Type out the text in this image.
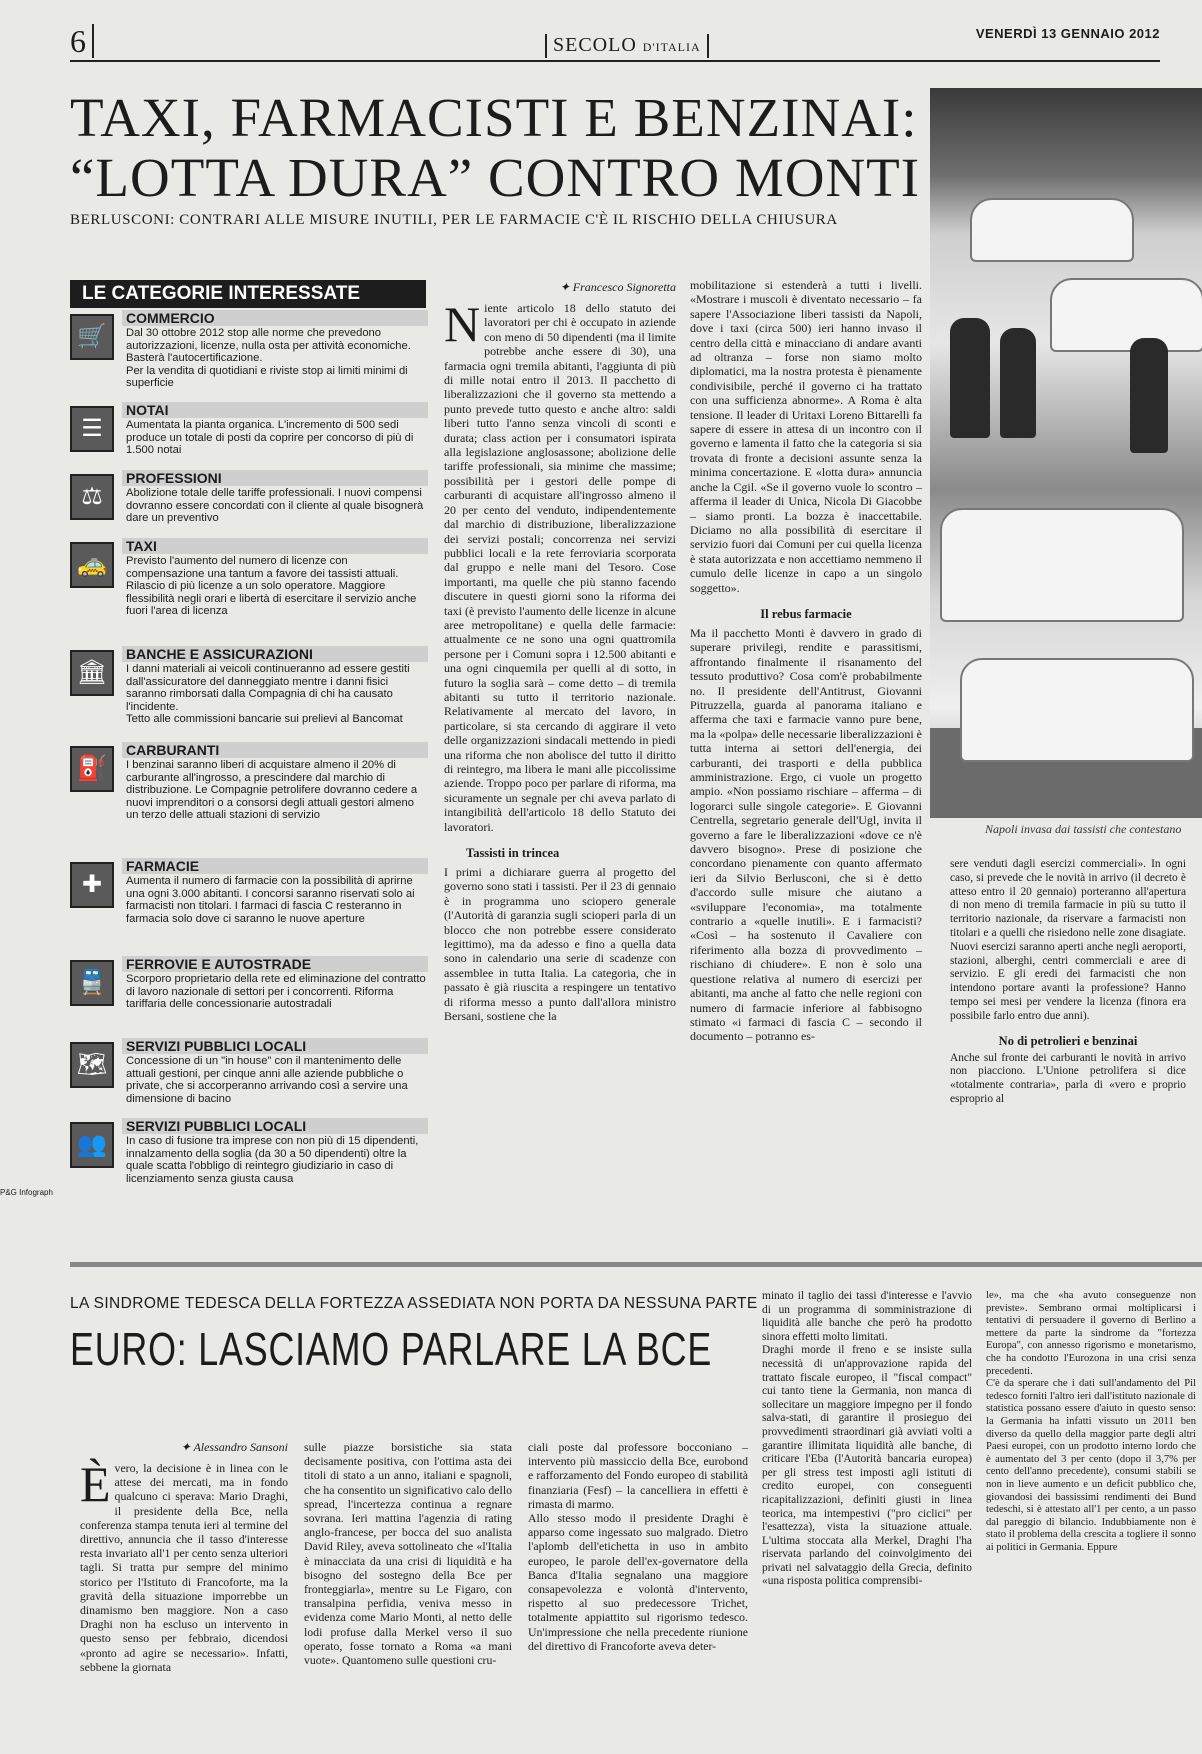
6	SECOLO D'ITALIA
VENERDÌ 13 GENNAIO 2012
TAXI, FARMACISTI E BENZINAI:
“LOTTA DURA” CONTRO MONTI
BERLUSCONI: CONTRARI ALLE MISURE INUTILI, PER LE FARMACIE C'È IL RISCHIO DELLA CHIUSURA
Napoli invasa dai tassisti che contestano
LE CATEGORIE INTERESSATE
🛒
COMMERCIO
Dal 30 ottobre 2012 stop alle norme che prevedono autorizzazioni, licenze, nulla osta per attività economiche. Basterà l'autocertificazione.
Per la vendita di quotidiani e riviste stop ai limiti minimi di superficie
☰
NOTAI
Aumentata la pianta organica. L'incremento di 500 sedi produce un totale di posti da coprire per concorso di più di 1.500 notai
⚖
PROFESSIONI
Abolizione totale delle tariffe professionali. I nuovi compensi dovranno essere concordati con il cliente al quale bisognerà dare un preventivo
🚕
TAXI
Previsto l'aumento del numero di licenze con compensazione una tantum a favore dei tassisti attuali. Rilascio di più licenze a un solo operatore. Maggiore flessibilità negli orari e libertà di esercitare il servizio anche fuori l'area di licenza
🏛
BANCHE E ASSICURAZIONI
I danni materiali ai veicoli continueranno ad essere gestiti dall'assicuratore del danneggiato mentre i danni fisici saranno rimborsati dalla Compagnia di chi ha causato l'incidente.
Tetto alle commissioni bancarie sui prelievi al Bancomat
⛽
CARBURANTI
I benzinai saranno liberi di acquistare almeno il 20% di carburante all'ingrosso, a prescindere dal marchio di distribuzione. Le Compagnie petrolifere dovranno cedere a nuovi imprenditori o a consorsi degli attuali gestori almeno un terzo delle attuali stazioni di servizio
✚
FARMACIE
Aumenta il numero di farmacie con la possibilità di aprirne una ogni 3.000 abitanti. I concorsi saranno riservati solo ai farmacisti non titolari. I farmaci di fascia C resteranno in farmacia solo dove ci saranno le nuove aperture
🚆
FERROVIE E AUTOSTRADE
Scorporo proprietario della rete ed eliminazione del contratto di lavoro nazionale di settori per i concorrenti. Riforma tariffaria delle concessionarie autostradali
🗺
SERVIZI PUBBLICI LOCALI
Concessione di un "in house" con il mantenimento delle attuali gestioni, per cinque anni alle aziende pubbliche o private, che si accorperanno arrivando così a servire una dimensione di bacino
👥
SERVIZI PUBBLICI LOCALI
In caso di fusione tra imprese con non più di 15 dipendenti, innalzamento della soglia (da 30 a 50 dipendenti) oltre la quale scatta l'obbligo di reintegro giudiziario in caso di licenziamento senza giusta causa
P&G Infograph
✦ Francesco Signoretta
Niente articolo 18 dello statuto dei lavoratori per chi è occupato in aziende con meno di 50 dipendenti (ma il limite potrebbe anche essere di 30), una farmacia ogni tremila abitanti, l'aggiunta di più di mille notai entro il 2013. Il pacchetto di liberalizzazioni che il governo sta mettendo a punto prevede tutto questo e anche altro: saldi liberi tutto l'anno senza vincoli di sconti e durata; class action per i consumatori ispirata alla legislazione anglosassone; abolizione delle tariffe professionali, sia minime che massime; possibilità per i gestori delle pompe di carburanti di acquistare all'ingrosso almeno il 20 per cento del venduto, indipendentemente dal marchio di distribuzione, liberalizzazione dei servizi postali; concorrenza nei servizi pubblici locali e la rete ferroviaria scorporata dal gruppo e nelle mani del Tesoro. Cose importanti, ma quelle che più stanno facendo discutere in questi giorni sono la riforma dei taxi (è previsto l'aumento delle licenze in alcune aree metropolitane) e quella delle farmacie: attualmente ce ne sono una ogni quattromila persone per i Comuni sopra i 12.500 abitanti e una ogni cinquemila per quelli al di sotto, in futuro la soglia sarà – come detto – di tremila abitanti su tutto il territorio nazionale. Relativamente al mercato del lavoro, in particolare, si sta cercando di aggirare il veto delle organizzazioni sindacali mettendo in piedi una riforma che non abolisce del tutto il diritto di reintegro, ma libera le mani alle piccolissime aziende. Troppo poco per parlare di riforma, ma sicuramente un segnale per chi aveva parlato di intangibilità dell'articolo 18 dello Statuto dei lavoratori.
Tassisti in trincea
I primi a dichiarare guerra al progetto del governo sono stati i tassisti. Per il 23 di gennaio è in programma uno sciopero generale (l'Autorità di garanzia sugli scioperi parla di un blocco che non potrebbe essere considerato legittimo), ma da adesso e fino a quella data sono in calendario una serie di scadenze con assemblee in tutta Italia. La categoria, che in passato è già riuscita a respingere un tentativo di riforma messo a punto dall'allora ministro Bersani, sostiene che la
mobilitazione si estenderà a tutti i livelli. «Mostrare i muscoli è diventato necessario – fa sapere l'Associazione liberi tassisti da Napoli, dove i taxi (circa 500) ieri hanno invaso il centro della città e minacciano di andare avanti ad oltranza – forse non siamo molto diplomatici, ma la nostra protesta è pienamente condivisibile, perché il governo ci ha trattato con una sufficienza abnorme». A Roma è alta tensione. Il leader di Uritaxi Loreno Bittarelli fa sapere di essere in attesa di un incontro con il governo e lamenta il fatto che la categoria si sia trovata di fronte a decisioni assunte senza la minima concertazione. E «lotta dura» annuncia anche la Cgil. «Se il governo vuole lo scontro – afferma il leader di Unica, Nicola Di Giacobbe – siamo pronti. La bozza è inaccettabile. Diciamo no alla possibilità di esercitare il servizio fuori dai Comuni per cui quella licenza è stata autorizzata e non accettiamo nemmeno il cumulo delle licenze in capo a un singolo soggetto».
Il rebus farmacie
Ma il pacchetto Monti è davvero in grado di superare privilegi, rendite e parassitismi, affrontando finalmente il risanamento del tessuto produttivo? Cosa com'è probabilmente no. Il presidente dell'Antitrust, Giovanni Pitruzzella, guarda al panorama italiano e afferma che taxi e farmacie vanno pure bene, ma la «polpa» delle necessarie liberalizzazioni è tutta interna ai settori dell'energia, dei carburanti, dei trasporti e della pubblica amministrazione. Ergo, ci vuole un progetto ampio. «Non possiamo rischiare – afferma – di logorarci sulle singole categorie». E Giovanni Centrella, segretario generale dell'Ugl, invita il governo a fare le liberalizzazioni «dove ce n'è davvero bisogno». Prese di posizione che concordano pienamente con quanto affermato ieri da Silvio Berlusconi, che si è detto d'accordo sulle misure che aiutano a «sviluppare l'economia», ma totalmente contrario a «quelle inutili». E i farmacisti? «Così – ha sostenuto il Cavaliere con riferimento alla bozza di provvedimento – rischiano di chiudere». E non è solo una questione relativa al numero di esercizi per abitanti, ma anche al fatto che nelle regioni con numero di farmacie inferiore al fabbisogno stimato «i farmaci di fascia C – secondo il documento – potranno es-
sere venduti dagli esercizi commerciali». In ogni caso, si prevede che le novità in arrivo (il decreto è atteso entro il 20 gennaio) porteranno all'apertura di non meno di tremila farmacie in più su tutto il territorio nazionale, da riservare a farmacisti non titolari e a quelli che risiedono nelle zone disagiate. Nuovi esercizi saranno aperti anche negli aeroporti, stazioni, alberghi, centri commerciali e aree di servizio. E gli eredi dei farmacisti che non intendono portare avanti la professione? Hanno tempo sei mesi per vendere la licenza (finora era possibile farlo entro due anni).
No di petrolieri e benzinai
Anche sul fronte dei carburanti le novità in arrivo non piacciono. L'Unione petrolifera si dice «totalmente contraria», parla di «vero e proprio esproprio al
LA SINDROME TEDESCA DELLA FORTEZZA ASSEDIATA NON PORTA DA NESSUNA PARTE
EURO: LASCIAMO PARLARE LA BCE
✦ Alessandro Sansoni
Èvero, la decisione è in linea con le attese dei mercati, ma in fondo qualcuno ci sperava: Mario Draghi, il presidente della Bce, nella conferenza stampa tenuta ieri al termine del direttivo, annuncia che il tasso d'interesse resta invariato all'1 per cento senza ulteriori tagli. Si tratta pur sempre del minimo storico per l'Istituto di Francoforte, ma la gravità della situazione imporrebbe un dinamismo ben maggiore. Non a caso Draghi non ha escluso un intervento in questo senso per febbraio, dicendosi «pronto ad agire se necessario». Infatti, sebbene la giornata
sulle piazze borsistiche sia stata decisamente positiva, con l'ottima asta dei titoli di stato a un anno, italiani e spagnoli, che ha consentito un significativo calo dello spread, l'incertezza continua a regnare sovrana. Ieri mattina l'agenzia di rating anglo-francese, per bocca del suo analista David Riley, aveva sottolineato che «l'Italia è minacciata da una crisi di liquidità e ha bisogno del sostegno della Bce per fronteggiarla», mentre su Le Figaro, con transalpina perfidia, veniva messo in evidenza come Mario Monti, al netto delle lodi profuse dalla Merkel verso il suo operato, fosse tornato a Roma «a mani vuote». Quantomeno sulle questioni cru-
ciali poste dal professore bocconiano – intervento più massiccio della Bce, eurobond e rafforzamento del Fondo europeo di stabilità finanziaria (Fesf) – la cancelliera in effetti è rimasta di marmo.
Allo stesso modo il presidente Draghi è apparso come ingessato suo malgrado. Dietro l'aplomb dell'etichetta in uso in ambito europeo, le parole dell'ex-governatore della Banca d'Italia segnalano una maggiore consapevolezza e volontà d'intervento, rispetto al suo predecessore Trichet, totalmente appiattito sul rigorismo tedesco. Un'impressione che nella precedente riunione del direttivo di Francoforte aveva deter-
minato il taglio dei tassi d'interesse e l'avvio di un programma di somministrazione di liquidità alle banche che però ha prodotto sinora effetti molto limitati.
Draghi morde il freno e se insiste sulla necessità di un'approvazione rapida del trattato fiscale europeo, il "fiscal compact" cui tanto tiene la Germania, non manca di sollecitare un maggiore impegno per il fondo salva-stati, di garantire il prosieguo dei provvedimenti straordinari già avviati volti a garantire illimitata liquidità alle banche, di criticare l'Eba (l'Autorità bancaria europea) per gli stress test imposti agli istituti di credito europei, con conseguenti ricapitalizzazioni, definiti giusti in linea teorica, ma intempestivi ("pro ciclici" per l'esattezza), vista la situazione attuale. L'ultima stoccata alla Merkel, Draghi l'ha riservata parlando del coinvolgimento dei privati nel salvataggio della Grecia, definito «una risposta politica comprensibi-
le», ma che «ha avuto conseguenze non previste». Sembrano ormai moltiplicarsi i tentativi di persuadere il governo di Berlino a mettere da parte la sindrome da "fortezza Europa", con annesso rigorismo e monetarismo, che ha condotto l'Eurozona in una crisi senza precedenti.
C'è da sperare che i dati sull'andamento del Pil tedesco forniti l'altro ieri dall'istituto nazionale di statistica possano essere d'aiuto in questo senso: la Germania ha infatti vissuto un 2011 ben diverso da quello della maggior parte degli altri Paesi europei, con un prodotto interno lordo che è aumentato del 3 per cento (dopo il 3,7% per cento dell'anno precedente), consumi stabili se non in lieve aumento e un deficit pubblico che, giovandosi dei bassissimi rendimenti dei Bund tedeschi, si è attestato all'1 per cento, a un passo dal pareggio di bilancio. Indubbiamente non è stato il problema della crescita a togliere il sonno ai politici in Germania. Eppure
